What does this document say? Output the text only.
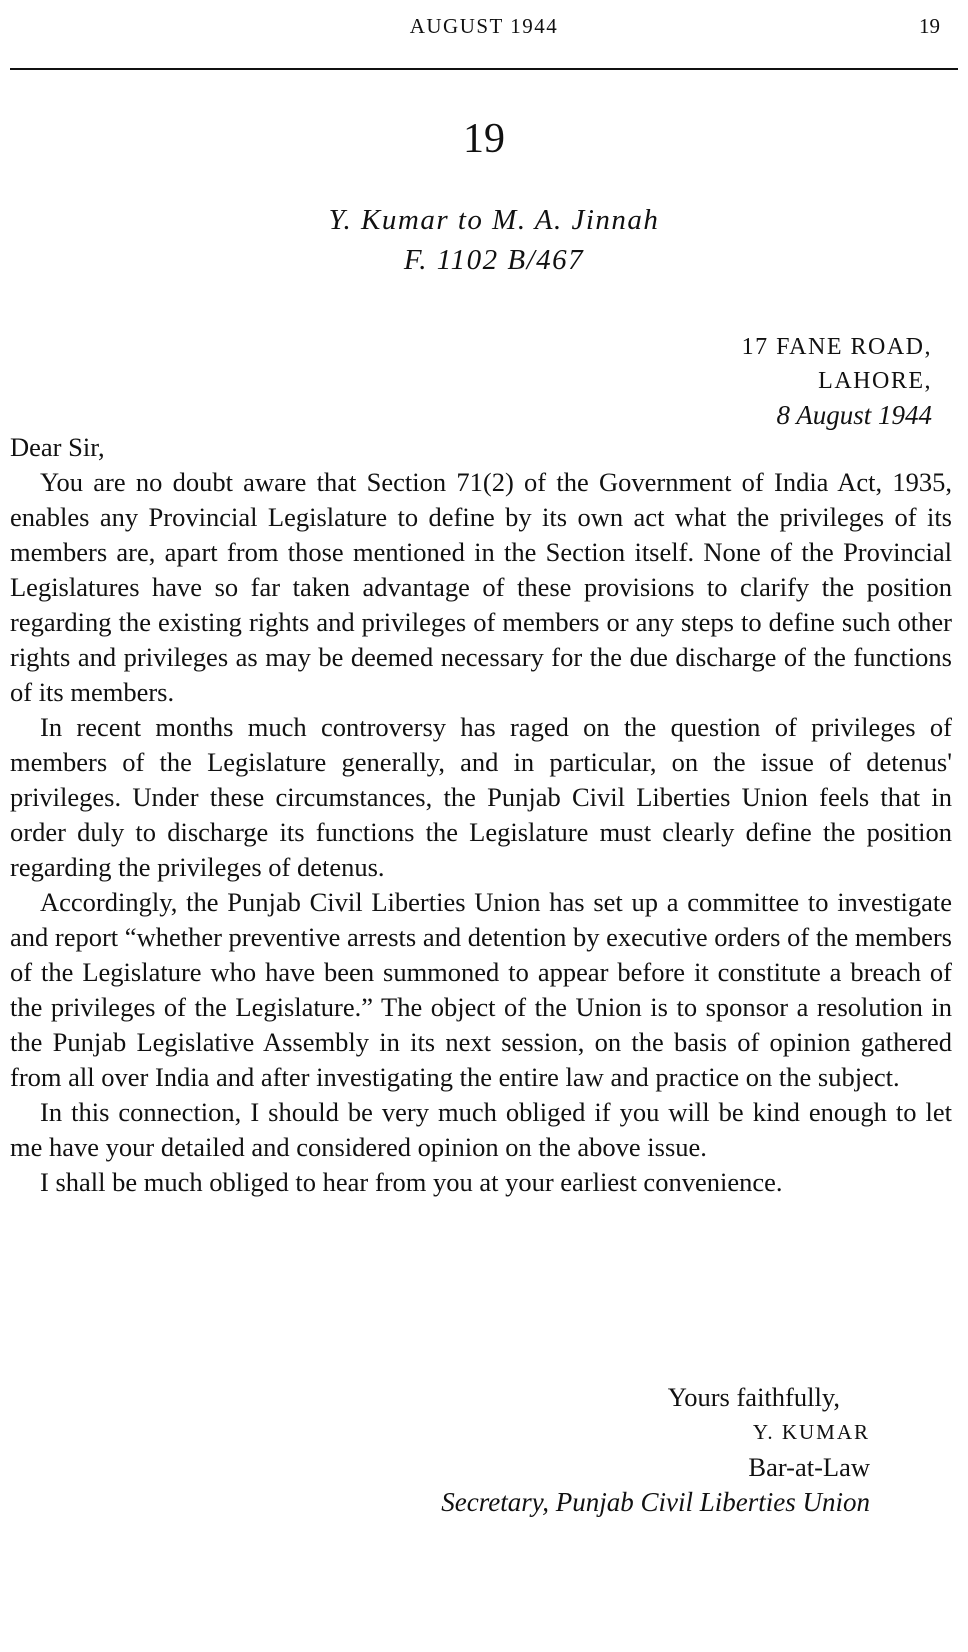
AUGUST 1944	19
19
Y. Kumar to M. A. Jinnah
F. 1102 B/467
17 FANE ROAD,
LAHORE,
8 August 1944

Dear Sir,

You are no doubt aware that Section 71(2) of the Government of India Act, 1935, enables any Provincial Legislature to define by its own act what the privileges of its members are, apart from those mentioned in the Section itself. None of the Provincial Legislatures have so far taken advantage of these provisions to clarify the position regarding the existing rights and privileges of members or any steps to define such other rights and privileges as may be deemed necessary for the due discharge of the functions of its members.

In recent months much controversy has raged on the question of privileges of members of the Legislature generally, and in particular, on the issue of detenus' privileges. Under these circumstances, the Punjab Civil Liberties Union feels that in order duly to discharge its functions the Legislature must clearly define the position regarding the privileges of detenus.

Accordingly, the Punjab Civil Liberties Union has set up a committee to investigate and report “whether preventive arrests and detention by executive orders of the members of the Legislature who have been summoned to appear before it constitute a breach of the privileges of the Legislature.” The object of the Union is to sponsor a resolution in the Punjab Legislative Assembly in its next session, on the basis of opinion gathered from all over India and after investigating the entire law and practice on the subject.

In this connection, I should be very much obliged if you will be kind enough to let me have your detailed and considered opinion on the above issue.

I shall be much obliged to hear from you at your earliest convenience.

Yours faithfully,
Y. KUMAR
Bar-at-Law
Secretary, Punjab Civil Liberties Union
